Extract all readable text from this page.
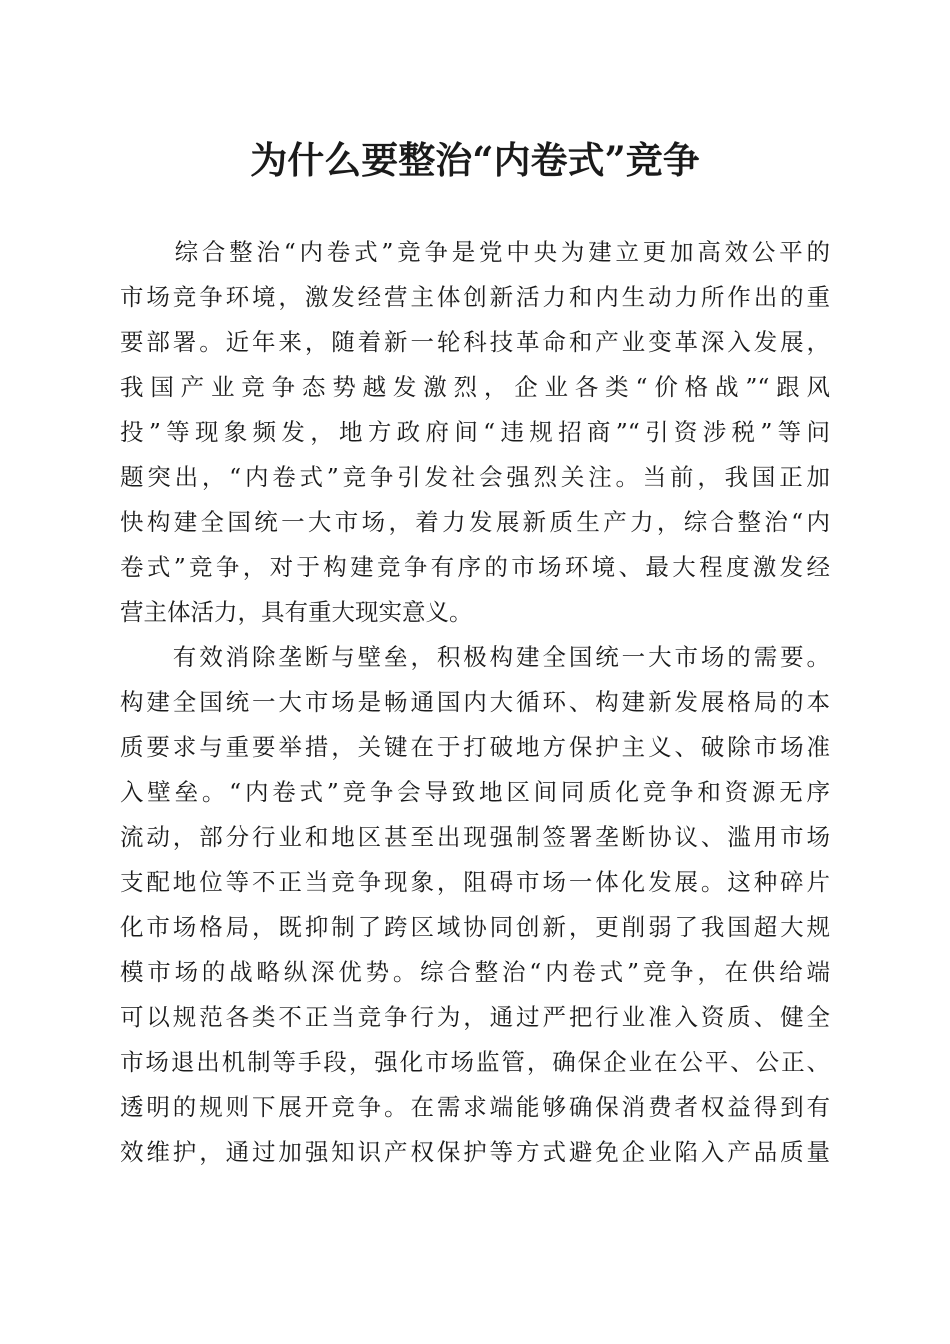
为什么要整治“内卷式”竞争
　　综合整治“内卷式”竞争是党中央为建立更加高效公平的
市场竞争环境，激发经营主体创新活力和内生动力所作出的重
要部署。近年来，随着新一轮科技革命和产业变革深入发展，
我国产业竞争态势越发激烈，企业各类“价格战”“跟风
投”等现象频发，地方政府间“违规招商”“引资涉税”等问
题突出，“内卷式”竞争引发社会强烈关注。当前，我国正加
快构建全国统一大市场，着力发展新质生产力，综合整治“内
卷式”竞争，对于构建竞争有序的市场环境、最大程度激发经
营主体活力，具有重大现实意义。
　　有效消除垄断与壁垒，积极构建全国统一大市场的需要。
构建全国统一大市场是畅通国内大循环、构建新发展格局的本
质要求与重要举措，关键在于打破地方保护主义、破除市场准
入壁垒。“内卷式”竞争会导致地区间同质化竞争和资源无序
流动，部分行业和地区甚至出现强制签署垄断协议、滥用市场
支配地位等不正当竞争现象，阻碍市场一体化发展。这种碎片
化市场格局，既抑制了跨区域协同创新，更削弱了我国超大规
模市场的战略纵深优势。综合整治“内卷式”竞争，在供给端
可以规范各类不正当竞争行为，通过严把行业准入资质、健全
市场退出机制等手段，强化市场监管，确保企业在公平、公正、
透明的规则下展开竞争。在需求端能够确保消费者权益得到有
效维护，通过加强知识产权保护等方式避免企业陷入产品质量
